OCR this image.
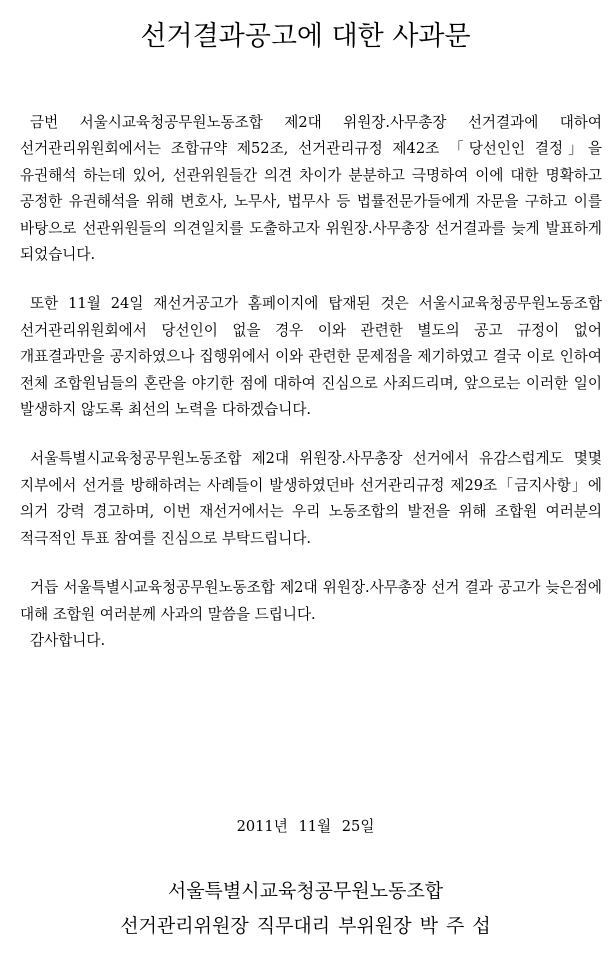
선거결과공고에 대한 사과문

금번 서울시교육청공무원노동조합 제2대 위원장.사무총장 선거결과에 대하여 선거관리위원회에서는 조합규약 제52조, 선거관리규정 제42조 「당선인인 결정」을 유권해석 하는데 있어, 선관위원들간 의견 차이가 분분하고 극명하여 이에 대한 명확하고 공정한 유권해석을 위해 변호사, 노무사, 법무사 등 법률전문가들에게 자문을 구하고 이를 바탕으로 선관위원들의 의견일치를 도출하고자 위원장.사무총장 선거결과를 늦게 발표하게 되었습니다.

또한 11월 24일 재선거공고가 홈페이지에 탑재된 것은 서울시교육청공무원노동조합 선거관리위원회에서 당선인이 없을 경우 이와 관련한 별도의 공고 규정이 없어 개표결과만을 공지하였으나 집행위에서 이와 관련한 문제점을 제기하였고 결국 이로 인하여 전체 조합원님들의 혼란을 야기한 점에 대하여 진심으로 사죄드리며, 앞으로는 이러한 일이 발생하지 않도록 최선의 노력을 다하겠습니다.

서울특별시교육청공무원노동조합 제2대 위원장.사무총장 선거에서 유감스럽게도 몇몇 지부에서 선거를 방해하려는 사례들이 발생하였던바 선거관리규정 제29조「금지사항」에 의거 강력 경고하며, 이번 재선거에서는 우리 노동조합의 발전을 위해 조합원 여러분의 적극적인 투표 참여를 진심으로 부탁드립니다.

거듭 서울특별시교육청공무원노동조합 제2대 위원장.사무총장 선거 결과 공고가 늦은점에 대해 조합원 여러분께 사과의 말씀을 드립니다.
감사합니다.

2011년 11월 25일
서울특별시교육청공무원노동조합
선거관리위원장 직무대리 부위원장 박 주 섭
